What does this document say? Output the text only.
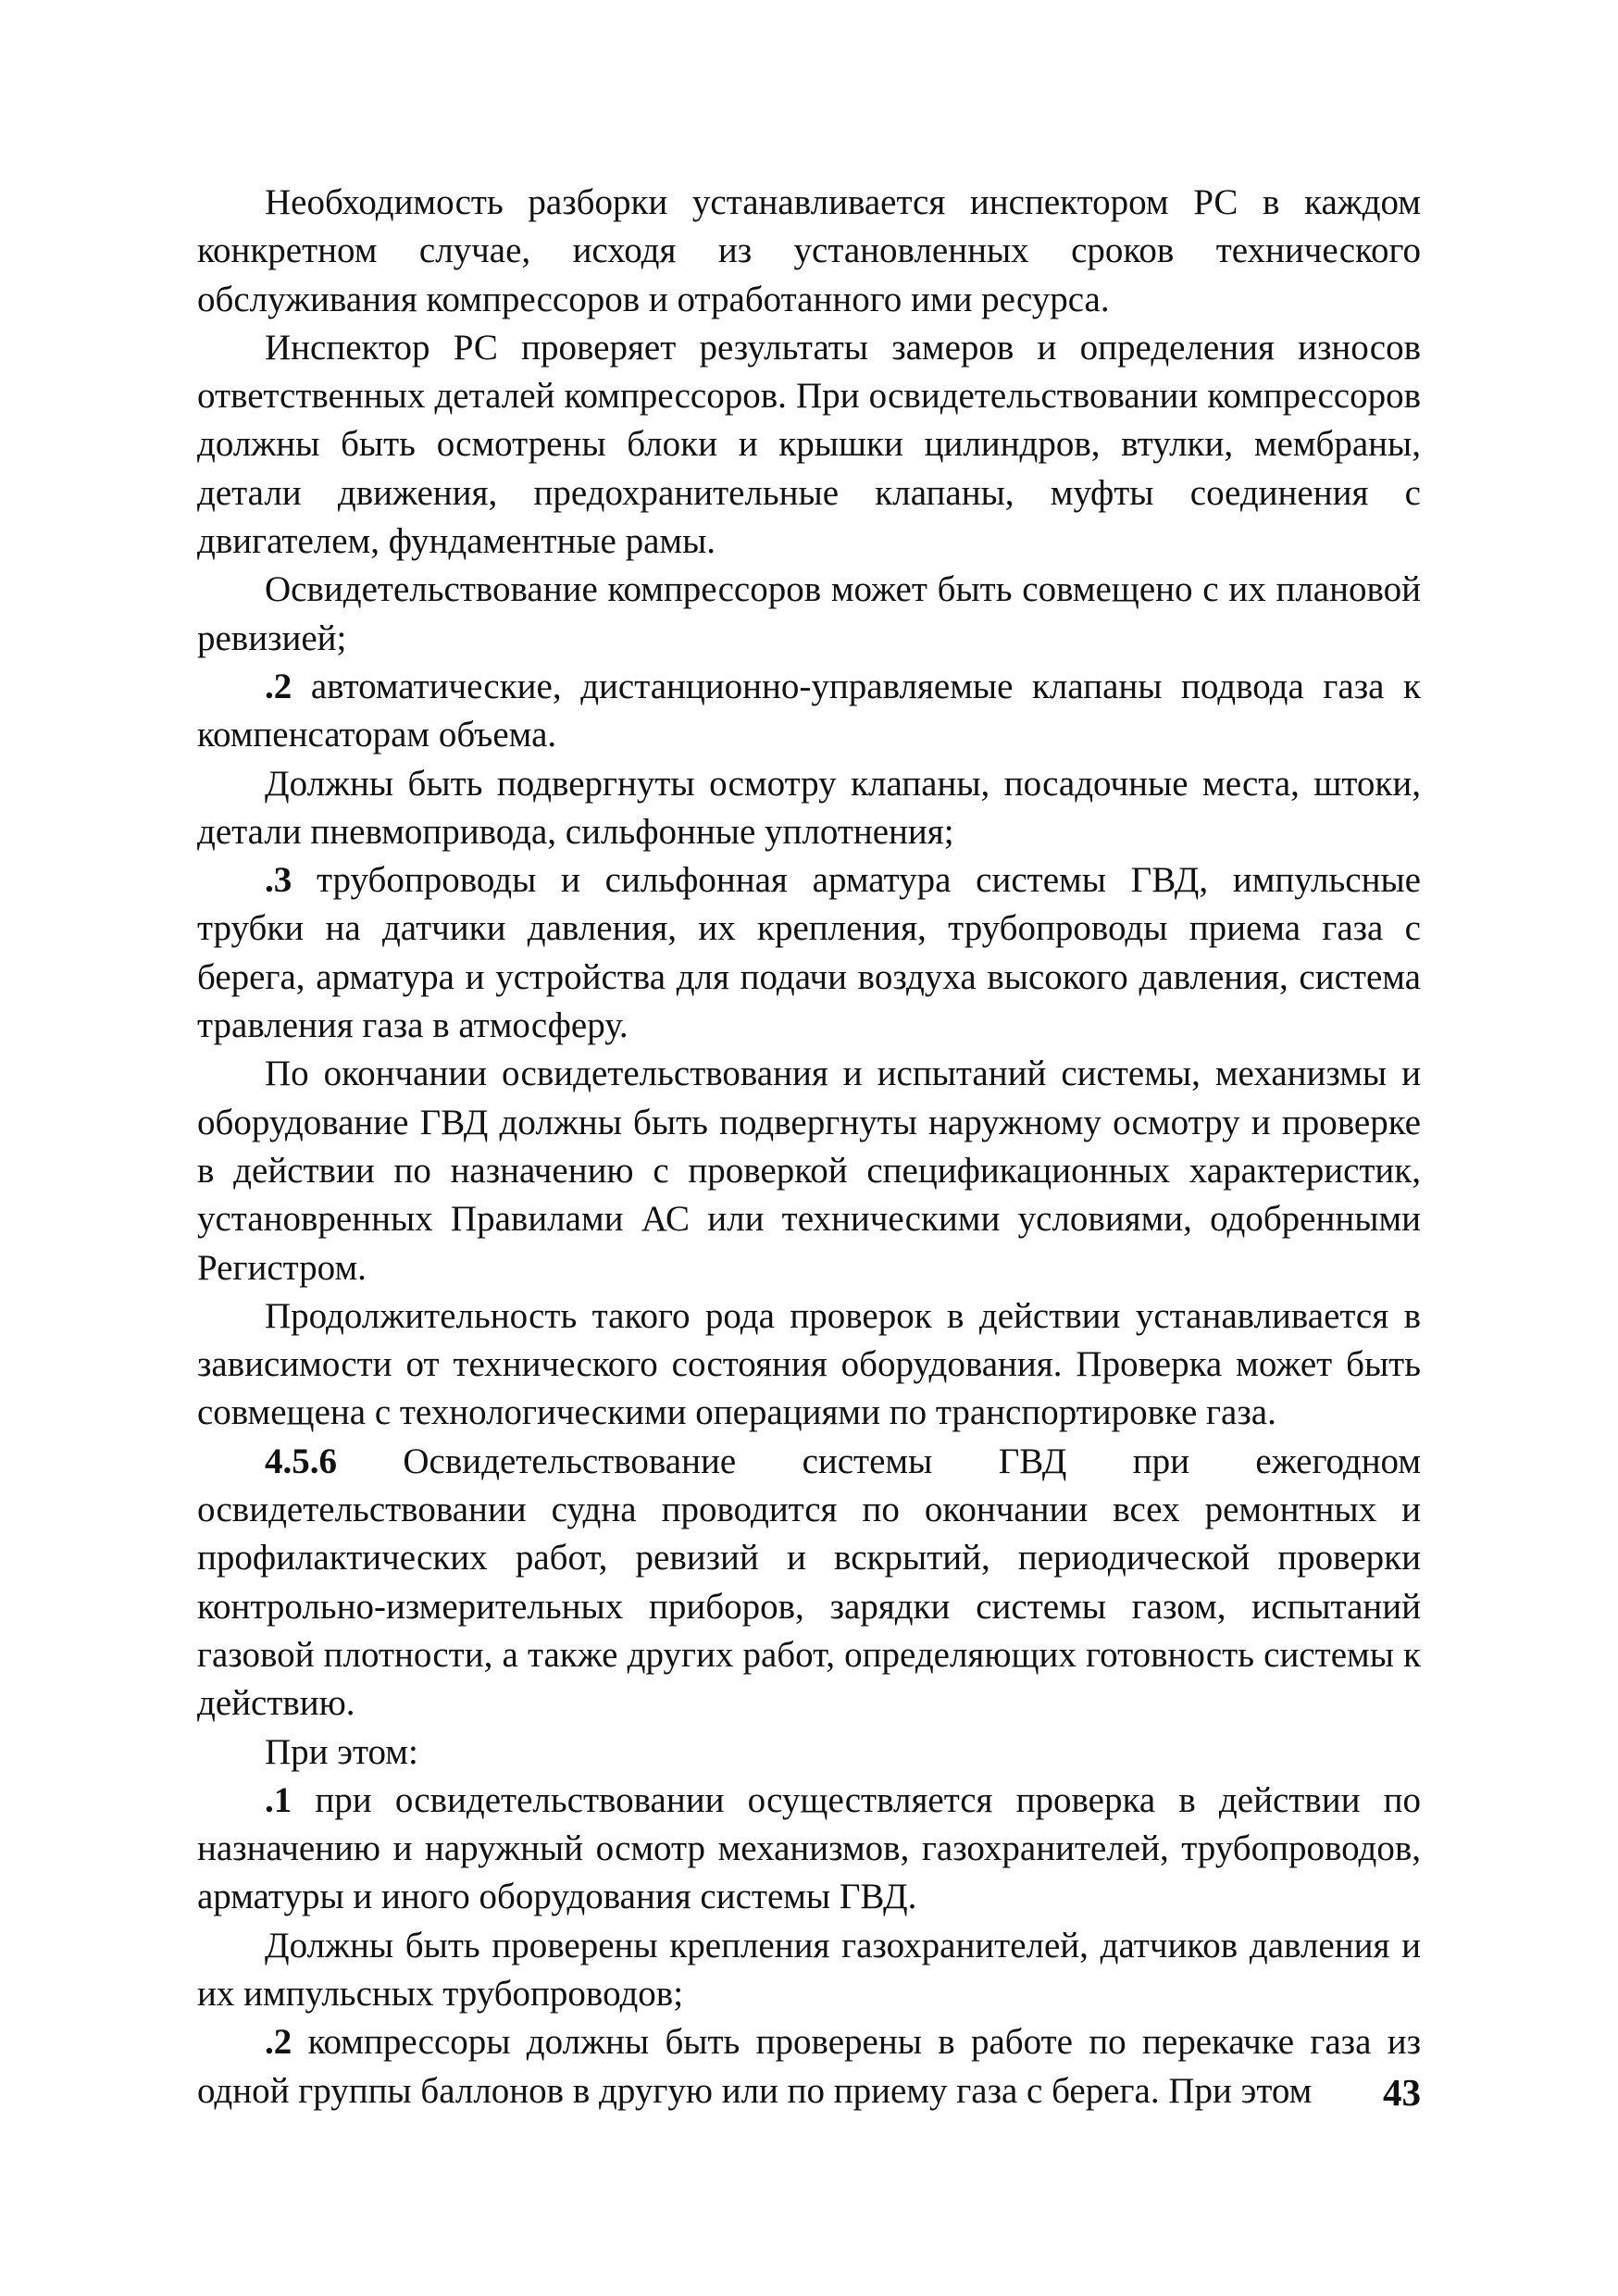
Необходимость разборки устанавливается инспектором РС в каждом конкретном случае, исходя из установленных сроков технического обслуживания компрессоров и отработанного ими ресурса.

Инспектор РС проверяет результаты замеров и определения износов ответственных деталей компрессоров. При освидетельствовании компрессоров должны быть осмотрены блоки и крышки цилиндров, втулки, мембраны, детали движения, предохранительные клапаны, муфты соединения с двигателем, фундаментные рамы.

Освидетельствование компрессоров может быть совмещено с их плановой ревизией;

.2 автоматические, дистанционно-управляемые клапаны подвода газа к компенсаторам объема.

Должны быть подвергнуты осмотру клапаны, посадочные места, штоки, детали пневмопривода, сильфонные уплотнения;

.3 трубопроводы и сильфонная арматура системы ГВД, импульсные трубки на датчики давления, их крепления, трубопроводы приема газа с берега, арматура и устройства для подачи воздуха высокого давления, система травления газа в атмосферу.

По окончании освидетельствования и испытаний системы, механизмы и оборудование ГВД должны быть подвергнуты наружному осмотру и проверке в действии по назначению с проверкой спецификационных характеристик, установренных Правилами АС или техническими условиями, одобренными Регистром.

Продолжительность такого рода проверок в действии устанавливается в зависимости от технического состояния оборудования. Проверка может быть совмещена с технологическими операциями по транспортировке газа.

4.5.6 Освидетельствование системы ГВД при ежегодном освидетельствовании судна проводится по окончании всех ремонтных и профилактических работ, ревизий и вскрытий, периодической проверки контрольно-измерительных приборов, зарядки системы газом, испытаний газовой плотности, а также других работ, определяющих готовность системы к действию.

При этом:

.1 при освидетельствовании осуществляется проверка в действии по назначению и наружный осмотр механизмов, газохранителей, трубопроводов, арматуры и иного оборудования системы ГВД.

Должны быть проверены крепления газохранителей, датчиков давления и их импульсных трубопроводов;

.2 компрессоры должны быть проверены в работе по перекачке газа из одной группы баллонов в другую или по приему газа с берега. При этом	43
